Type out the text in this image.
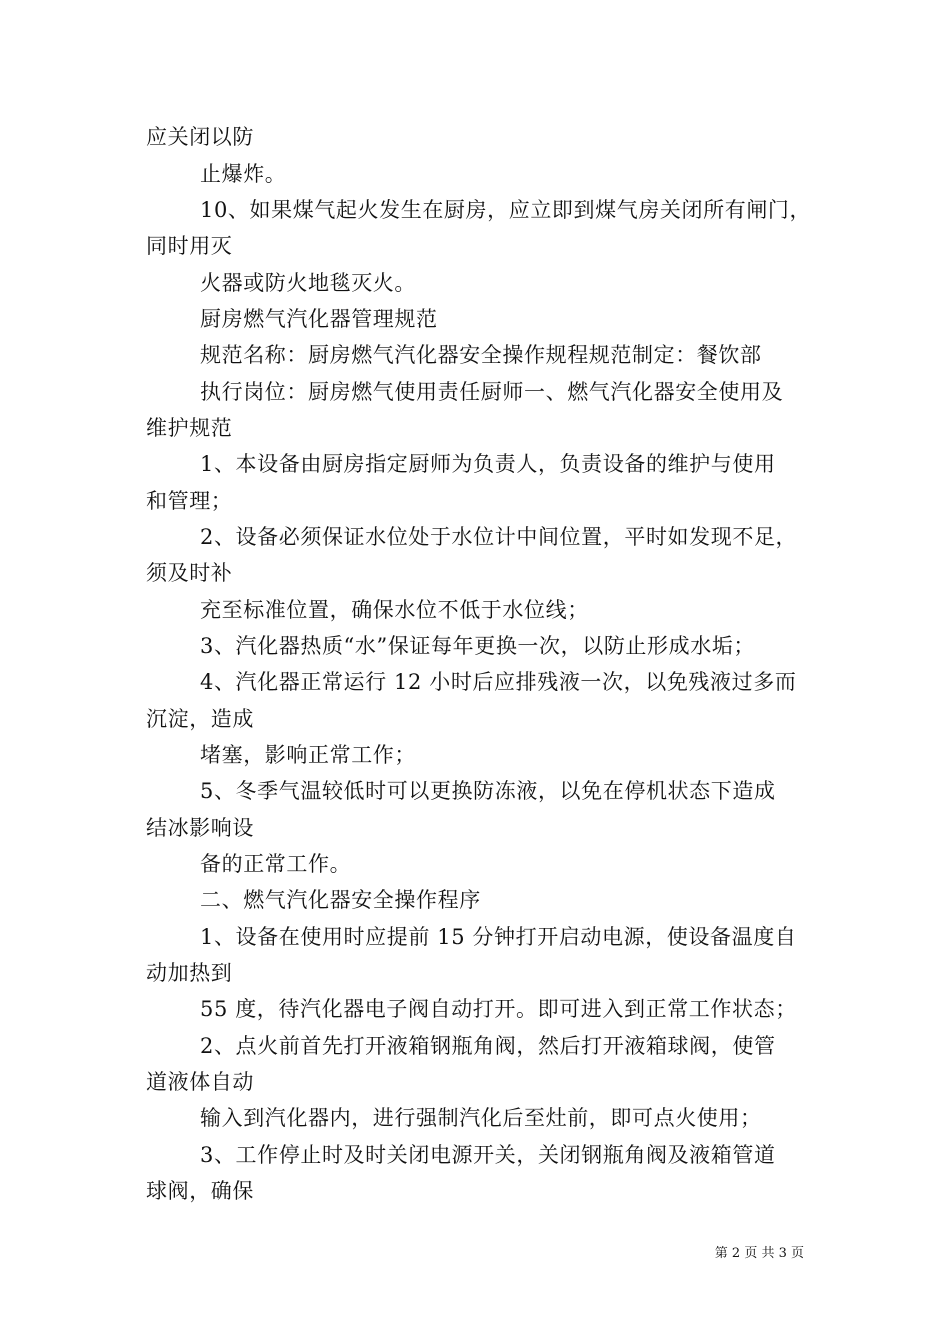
应关闭以防
止爆炸。
10、如果煤气起火发生在厨房，应立即到煤气房关闭所有闸门，
同时用灭
火器或防火地毯灭火。
厨房燃气汽化器管理规范
规范名称：厨房燃气汽化器安全操作规程规范制定：餐饮部
执行岗位：厨房燃气使用责任厨师一、燃气汽化器安全使用及
维护规范
1、本设备由厨房指定厨师为负责人，负责设备的维护与使用
和管理；
2、设备必须保证水位处于水位计中间位置，平时如发现不足，
须及时补
充至标准位置，确保水位不低于水位线；
3、汽化器热质“水”保证每年更换一次，以防止形成水垢；
4、汽化器正常运行 12 小时后应排残液一次，以免残液过多而
沉淀，造成
堵塞，影响正常工作；
5、冬季气温较低时可以更换防冻液，以免在停机状态下造成
结冰影响设
备的正常工作。
二、燃气汽化器安全操作程序
1、设备在使用时应提前 15 分钟打开启动电源，使设备温度自
动加热到
55 度，待汽化器电子阀自动打开。即可进入到正常工作状态；
2、点火前首先打开液箱钢瓶角阀，然后打开液箱球阀，使管
道液体自动
输入到汽化器内，进行强制汽化后至灶前，即可点火使用；
3、工作停止时及时关闭电源开关，关闭钢瓶角阀及液箱管道
球阀，确保
第 2 页 共 3 页
